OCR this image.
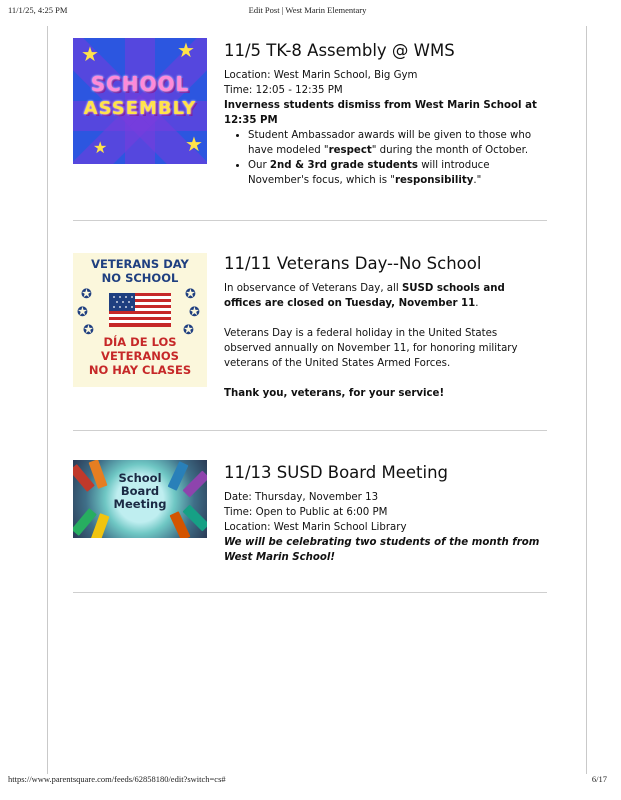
11/1/25, 4:25 PM	Edit Post | West Marin Elementary
★	★
★
★
SCHOOL
ASSEMBLY
11/5 TK-8 Assembly @ WMS

Location: West Marin School, Big Gym

Time: 12:05 - 12:35 PM

Inverness students dismiss from West Marin School at 12:35 PM

• Student Ambassador awards will be given to those who have modeled "respect" during the month of October.
• Our 2nd & 3rd grade students will introduce November's focus, which is "responsibility."
VETERANS DAY
NO SCHOOL
✪
✪
✪
✪
✪
✪
DÍA DE LOS
VETERANOS
NO HAY CLASES
11/11 Veterans Day--No School

In observance of Veterans Day, all SUSD schools and offices are closed on Tuesday, November 11.

Veterans Day is a federal holiday in the United States observed annually on November 11, for honoring military veterans of the United States Armed Forces.

Thank you, veterans, for your service!

School
Board
Meeting
11/13 SUSD Board Meeting

Date: Thursday, November 13

Time: Open to Public at 6:00 PM

Location: West Marin School Library

We will be celebrating two students of the month from West Marin School!

https://www.parentsquare.com/feeds/62858180/edit?switch=cs#	6/17
